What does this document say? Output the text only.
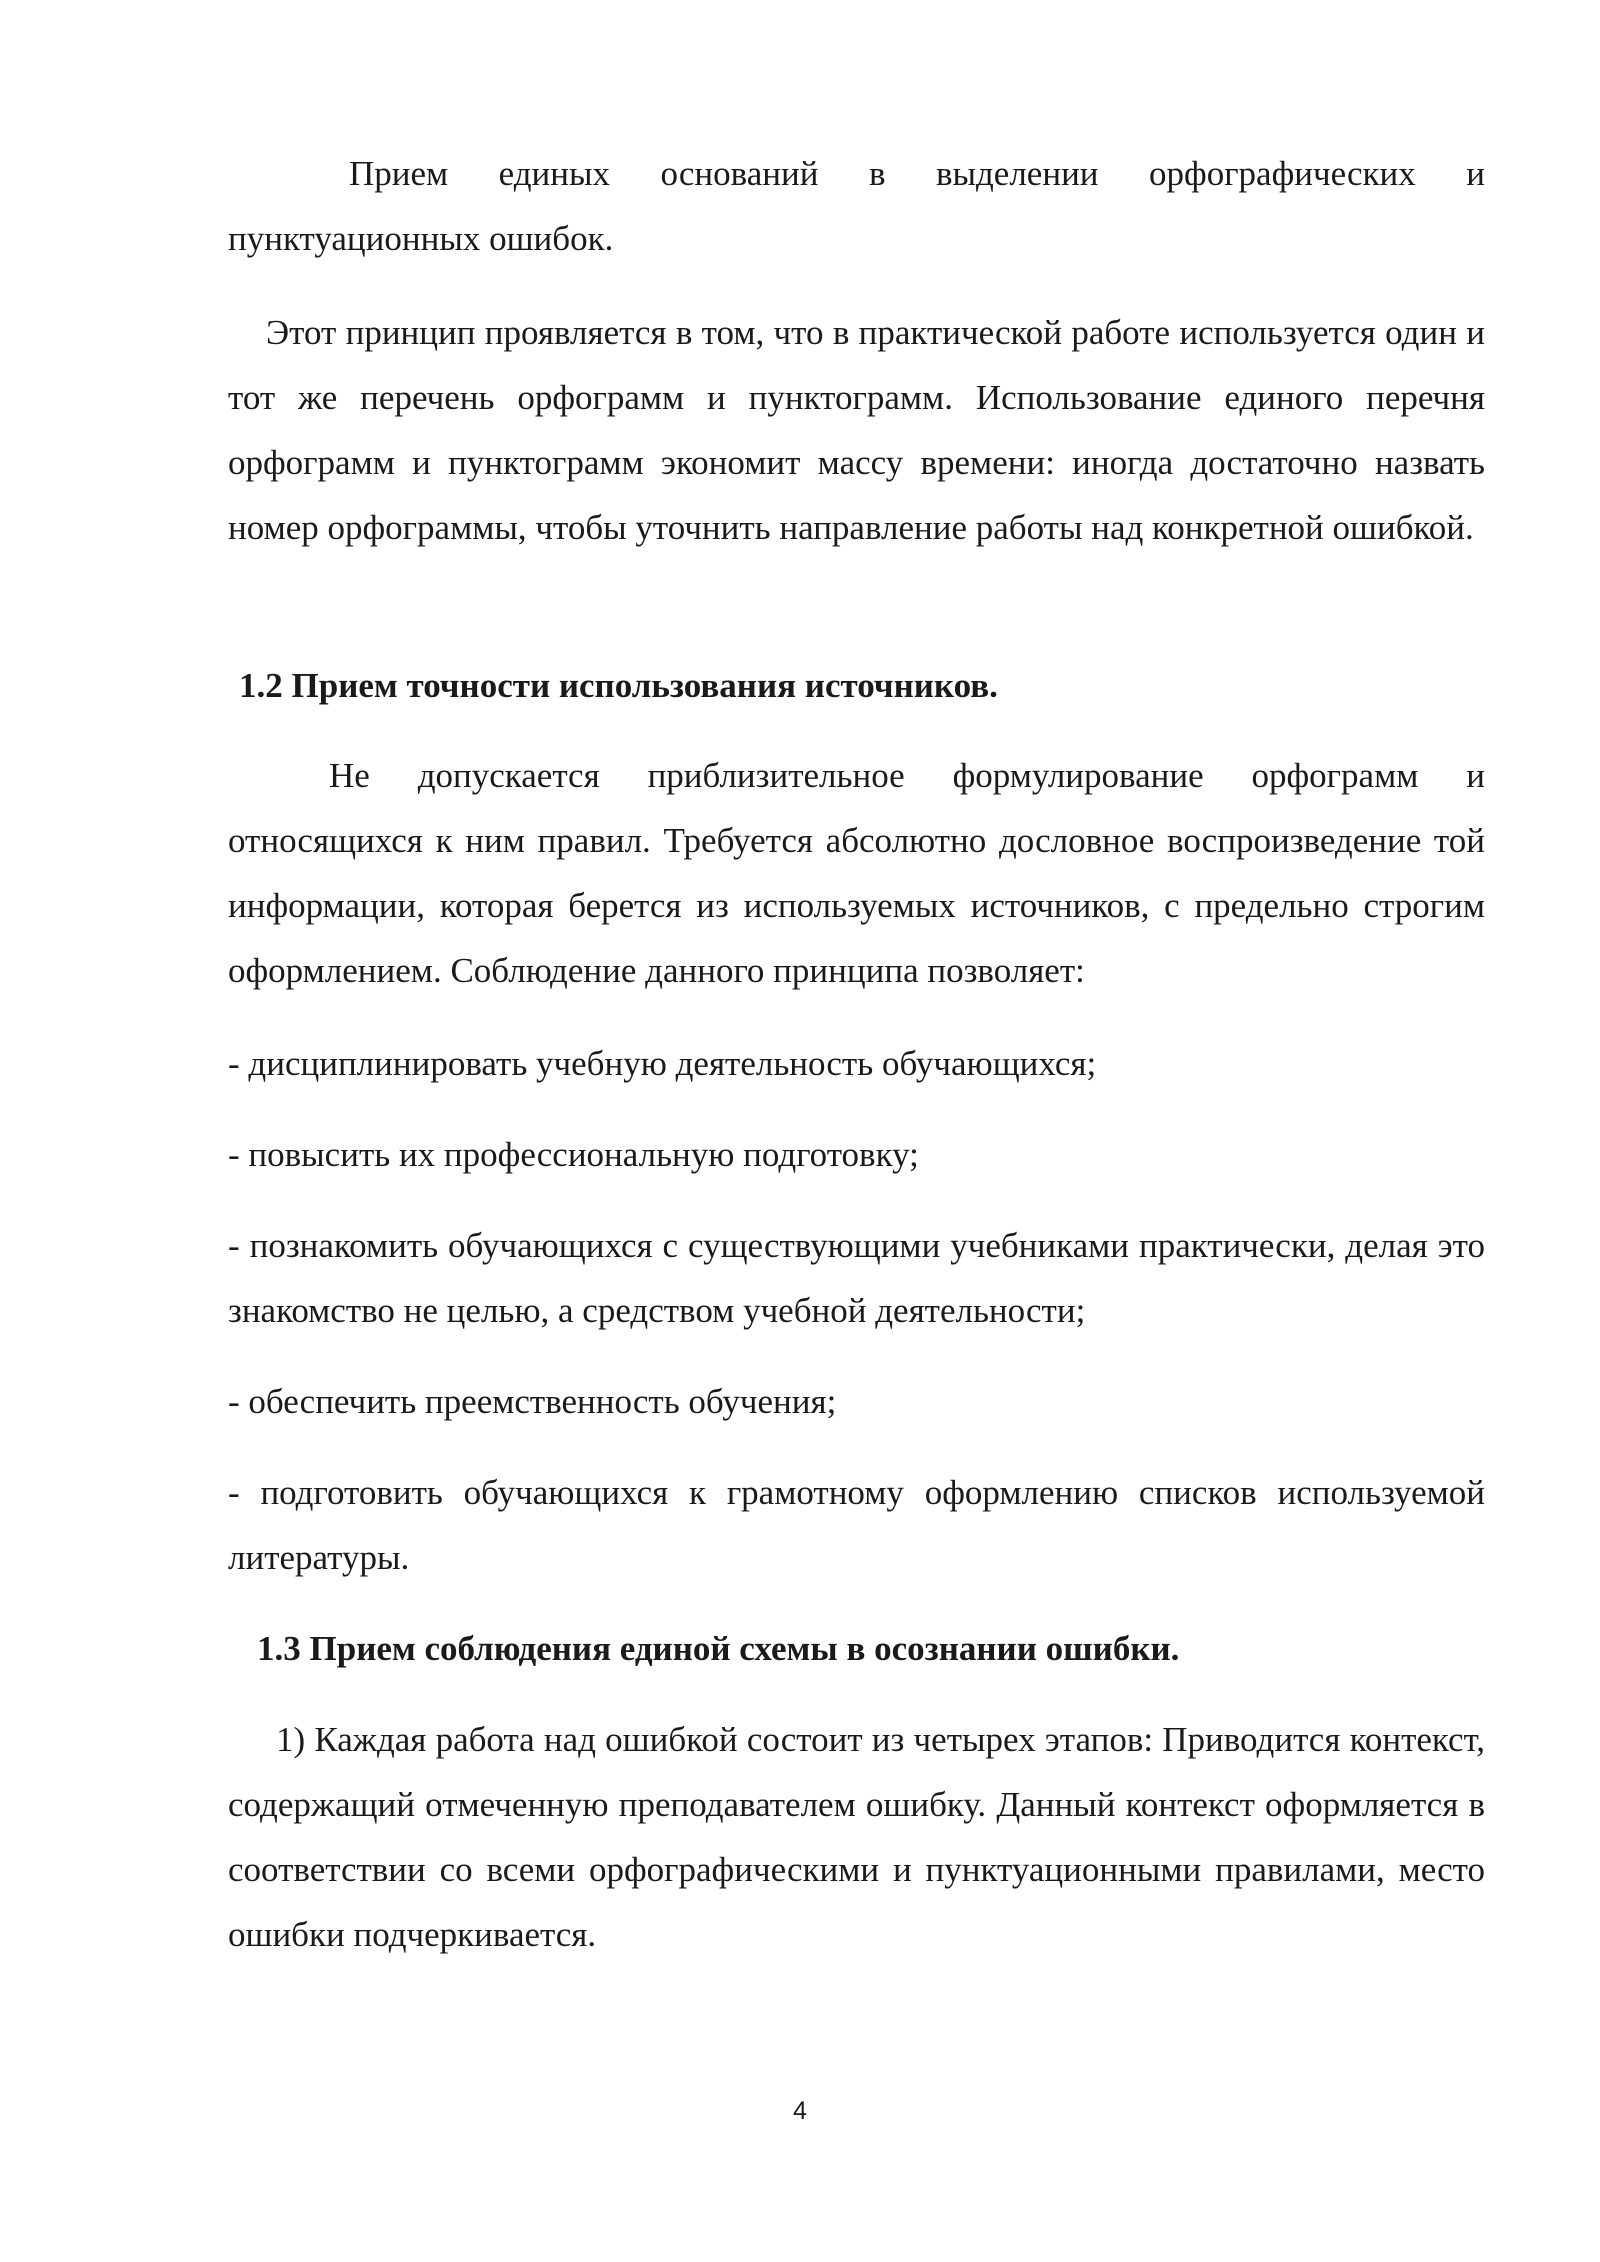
Прием единых оснований в выделении орфографических и пунктуационных ошибок.

Этот принцип проявляется в том, что в практической работе используется один и тот же перечень орфограмм и пунктограмм. Использование единого перечня орфограмм и пунктограмм экономит массу времени: иногда достаточно назвать номер орфограммы, чтобы уточнить направление работы над конкретной ошибкой.

1.2 Прием точности использования источников.

Не допускается приблизительное формулирование орфограмм и относящихся к ним правил. Требуется абсолютно дословное воспроизведение той информации, которая берется из используемых источников, с предельно строгим оформлением. Соблюдение данного принципа позволяет:

- дисциплинировать учебную деятельность обучающихся;

- повысить их профессиональную подготовку;

- познакомить обучающихся с существующими учебниками практически, делая это знакомство не целью, а средством учебной деятельности;

- обеспечить преемственность обучения;

- подготовить обучающихся к грамотному оформлению списков используемой литературы.

1.3 Прием соблюдения единой схемы в осознании ошибки.

1) Каждая работа над ошибкой состоит из четырех этапов: Приводится контекст, содержащий отмеченную преподавателем ошибку. Данный контекст оформляется в соответствии со всеми орфографическими и пунктуационными правилами, место ошибки подчеркивается.

4
